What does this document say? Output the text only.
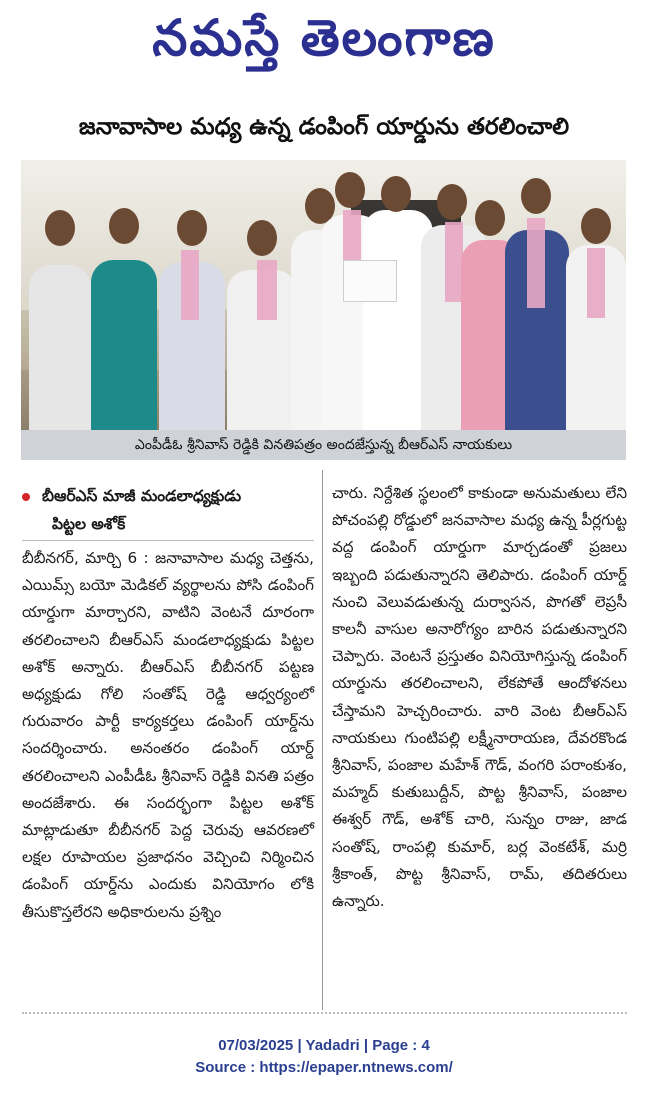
నమస్తే తెలంగాణ
జనావాసాల మధ్య ఉన్న డంపింగ్ యార్డును తరలించాలి
ఎంపీడీఓ శ్రీనివాస్ రెడ్డికి వినతిపత్రం అందజేస్తున్న బీఆర్ఎస్ నాయకులు
బీఆర్ఎస్ మాజీ మండలాధ్యక్షుడు
పిట్టల అశోక్
బీబీనగర్, మార్చి 6 : జనావాసాల మధ్య చెత్తను, ఎయిమ్స్ బయో మెడికల్ వ్యర్థాలను పోసి డంపింగ్ యార్డుగా మార్చారని, వాటిని వెంటనే దూరంగా తరలించాలని బీఆర్ఎస్ మండలాధ్యక్షుడు పిట్టల అశోక్ అన్నారు. బీఆర్ఎస్ బీబీనగర్ పట్టణ అధ్యక్షుడు గోలి సంతోష్ రెడ్డి ఆధ్వర్యంలో గురువారం పార్టీ కార్యకర్తలు డంపింగ్ యార్డ్‌ను సందర్శించారు. అనంతరం డంపింగ్ యార్డ్ తరలించాలని ఎంపీడీఓ శ్రీనివాస్ రెడ్డికి వినతి పత్రం అందజేశారు. ఈ సందర్భంగా పిట్టల అశోక్ మాట్లాడుతూ బీబీనగర్ పెద్ద చెరువు ఆవరణలో లక్షల రూపాయల ప్రజాధనం వెచ్చించి నిర్మించిన డంపింగ్ యార్డ్‌ను ఎందుకు వినియోగం లోకి తీసుకొస్తలేరని అధికారులను ప్రశ్నిం
చారు. నిర్దేశిత స్థలంలో కాకుండా అనుమతులు లేని పోచంపల్లి రోడ్డులో జనవాసాల మధ్య ఉన్న పీర్లగుట్ట వద్ద డంపింగ్ యార్డుగా మార్చడంతో ప్రజలు ఇబ్బంది పడుతున్నారని తెలిపారు. డంపింగ్ యార్డ్ నుంచి వెలువడుతున్న దుర్వాసన, పొగతో లెప్రసీ కాలనీ వాసుల అనారోగ్యం బారిన పడుతున్నారని చెప్పారు. వెంటనే ప్రస్తుతం వినియోగిస్తున్న డంపింగ్ యార్డును తరలించాలని, లేకపోతే ఆందోళనలు చేస్తామని హెచ్చరించారు. వారి వెంట బీఆర్ఎస్ నాయకులు గుంటిపల్లి లక్ష్మీనారాయణ, దేవరకొండ శ్రీనివాస్, పంజాల మహేశ్ గౌడ్, వంగరి పరాంకుశం, మహ్మద్ కుతుబుద్దీన్, పొట్ట శ్రీనివాస్, పంజాల ఈశ్వర్ గౌడ్, అశోక్ చారి, సున్నం రాజు, జాడ సంతోష్, రాంపల్లి కుమార్, బర్ల వెంకటేశ్, మర్రి శ్రీకాంత్, పొట్ట శ్రీనివాస్, రామ్, తదితరులు ఉన్నారు.
07/03/2025 | Yadadri | Page : 4
Source : https://epaper.ntnews.com/
